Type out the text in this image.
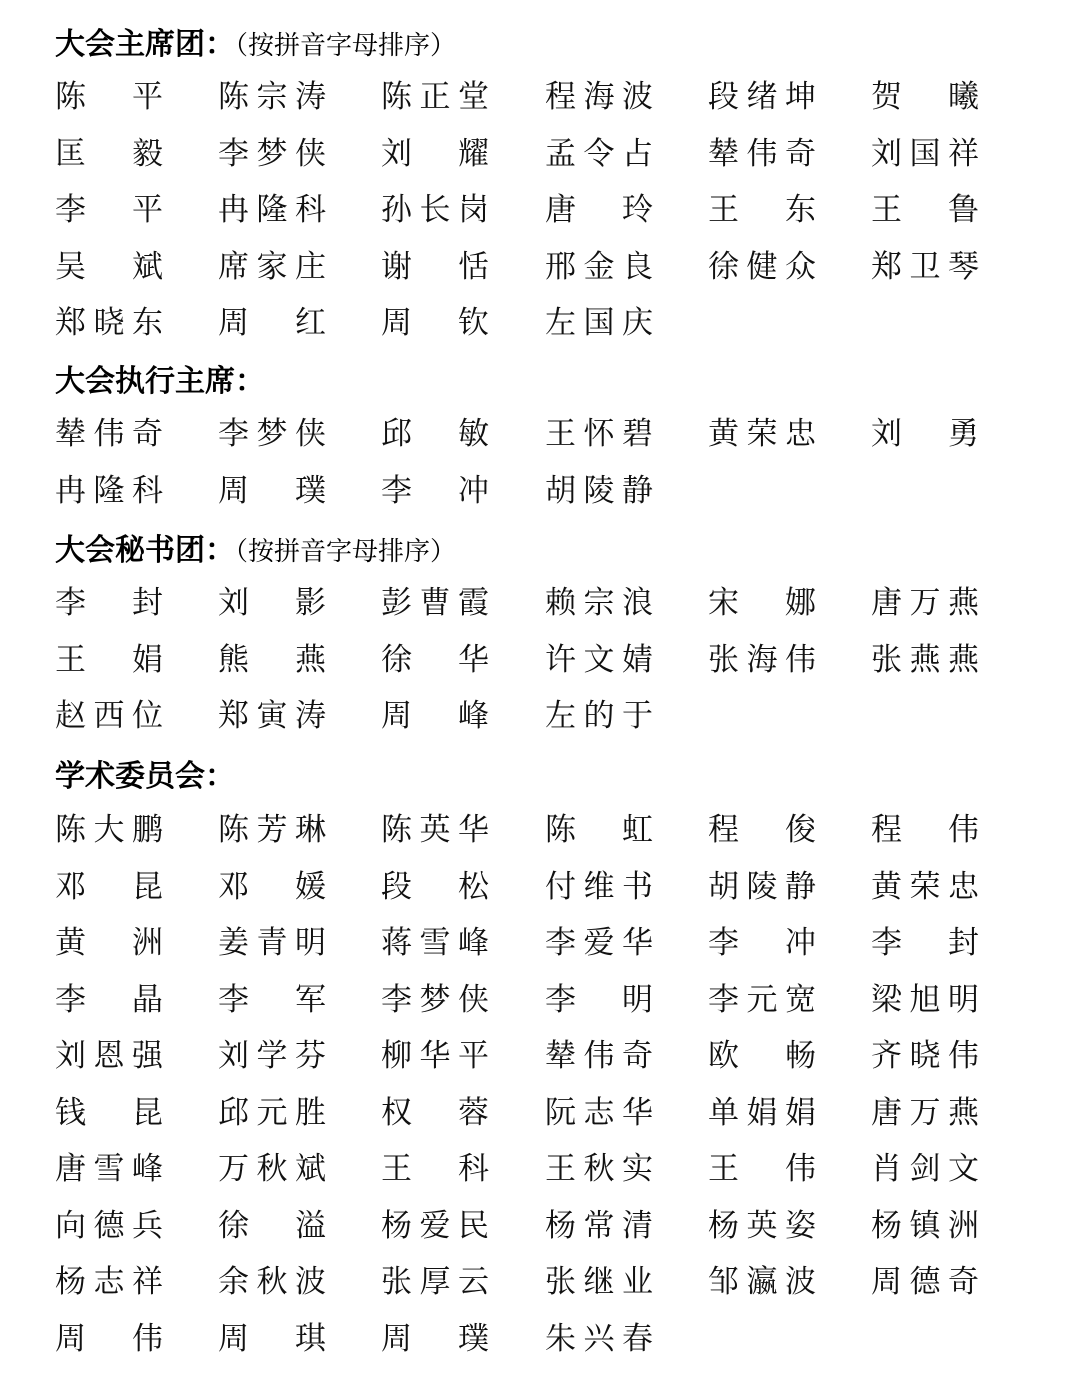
大会主席团：（按拼音字母排序）
陈 平 陈 宗 涛 陈 正 堂 程 海 波 段 绪 坤 贺 曦
匡 毅 李 梦 侠 刘 耀 孟 令 占 辇 伟 奇 刘 国 祥
李 平 冉 隆 科 孙 长 岗 唐 玲 王 东 王 鲁
吴 斌 席 家 庄 谢 恬 邢 金 良 徐 健 众 郑 卫 琴
郑 晓 东 周 红 周 钦 左 国 庆
大会执行主席：
辇 伟 奇 李 梦 侠 邱 敏 王 怀 碧 黄 荣 忠 刘 勇
冉 隆 科 周 璞 李 冲 胡 陵 静
大会秘书团：（按拼音字母排序）
李 封 刘 影 彭 曹 霞 赖 宗 浪 宋 娜 唐 万 燕
王 娟 熊 燕 徐 华 许 文 婧 张 海 伟 张 燕 燕
赵 西 位 郑 寅 涛 周 峰 左 的 于
学术委员会：
陈 大 鹏 陈 芳 琳 陈 英 华 陈 虹 程 俊 程 伟
邓 昆 邓 媛 段 松 付 维 书 胡 陵 静 黄 荣 忠
黄 洲 姜 青 明 蒋 雪 峰 李 爱 华 李 冲 李 封
李 晶 李 军 李 梦 侠 李 明 李 元 宽 梁 旭 明
刘 恩 强 刘 学 芬 柳 华 平 辇 伟 奇 欧 畅 齐 晓 伟
钱 昆 邱 元 胜 权 蓉 阮 志 华 单 娟 娟 唐 万 燕
唐 雪 峰 万 秋 斌 王 科 王 秋 实 王 伟 肖 剑 文
向 德 兵 徐 溢 杨 爱 民 杨 常 清 杨 英 姿 杨 镇 洲
杨 志 祥 余 秋 波 张 厚 云 张 继 业 邹 瀛 波 周 德 奇
周 伟 周 琪 周 璞 朱 兴 春
